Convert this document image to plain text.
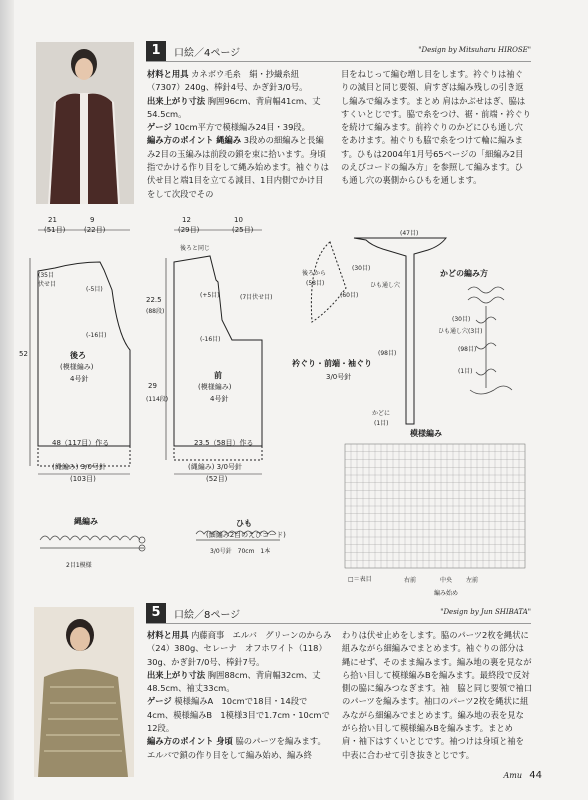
1	口絵／4ページ	"Design by Mitsuharu HIROSE"

材料と用具 カネボウ毛糸　絹・抄繊糸紐（7307）240g、棒針4号、かぎ針3/0号。

出来上がり寸法 胸囲96cm、背肩幅41cm、丈54.5cm。

ゲージ 10cm平方で模様編み24目・39段。

編み方のポイント 縄編み 3段めの細編みと長編み2目の玉編みは前段の鎖を束に拾います。身頃 指でかける作り目をして縄み始めます。袖ぐりは伏せ目と端1目を立てる減目、1目内側でかけ目をして次段でその

目をねじって編む増し目をします。衿ぐりは袖ぐりの減目と同じ要領、肩すぎは編み残しの引き返し編みで編みます。まとめ 肩はかぶせはぎ、脇はすくいとじです。脇で糸をつけ、裾・前端・衿ぐりを続けて編みます。前衿ぐりのかどにひも通し穴をあけます。袖ぐりも脇で糸をつけて輪に編みます。ひもは2004年1月号65ページの「細編み2目のえびコードの編み方」を参照して編みます。ひも通し穴の裏側からひもを通します。
21	9
(51目)	(22目)
(35目
伏せ目
(-5目)
(-16目)
52	後ろ
(模様編み)
4号針
48（117目）作る
(縄編み) 3/0号針
(103目)
12	10
(29目)	(25目)
後ろと同じ
(+5目)	(7目伏せ目)
(-16目)
22.5
(88段)
29
(114段)
前
(模様編み)
4号針
23.5（58目）作る
(縄編み) 3/0号針
(52目)
(47目)
(30目)
後ろから
(58目)
(60目)
ひも通し穴
衿ぐり・前端・袖ぐり
3/0号針
(98目)
かどに
(1目)
かどの編み方
(30目)
ひも通し穴(3目)
(98目)
(1目)
模様編み
□＝表目	右前	中央 左前
編み始め
縄編み
2目1模様
ひも
(細編み2目のえびコード)
3/0号針　70cm　1本
5	口絵／8ページ	"Design by Jun SHIBATA"

材料と用具 内藤商事　エルバ　グリーンのからみ（24）380g、セレーナ　オフホワイト（118）30g、かぎ針7/0号、棒針7号。

出来上がり寸法 胸囲88cm、背肩幅32cm、丈48.5cm、袖丈33cm。

ゲージ 模様編みA　10cmで18目・14段で4cm、模様編みB　1模様3目で1.7cm・10cmで12段。

編み方のポイント 身頃 脇のパーツを編みます。エルバで鎖の作り目をして編み始め、編み終

わりは伏せ止めをします。脇のパーツ2枚を縄状に組みながら細編みでまとめます。袖ぐりの部分は縄にせず、そのまま編みます。編み地の裏を見ながら拾い目して模様編みBを編みます。最終段で反対側の脇に編みつなぎます。袖　脇と同じ要領で袖口のパーツを編みます。袖口のパーツ2枚を縄状に組みながら細編みでまとめます。編み地の表を見ながら拾い目して模様編みBを編みます。まとめ　肩・袖下はすくいとじです。袖つけは身頃と袖を中表に合わせて引き抜きとじです。
Amu 44
